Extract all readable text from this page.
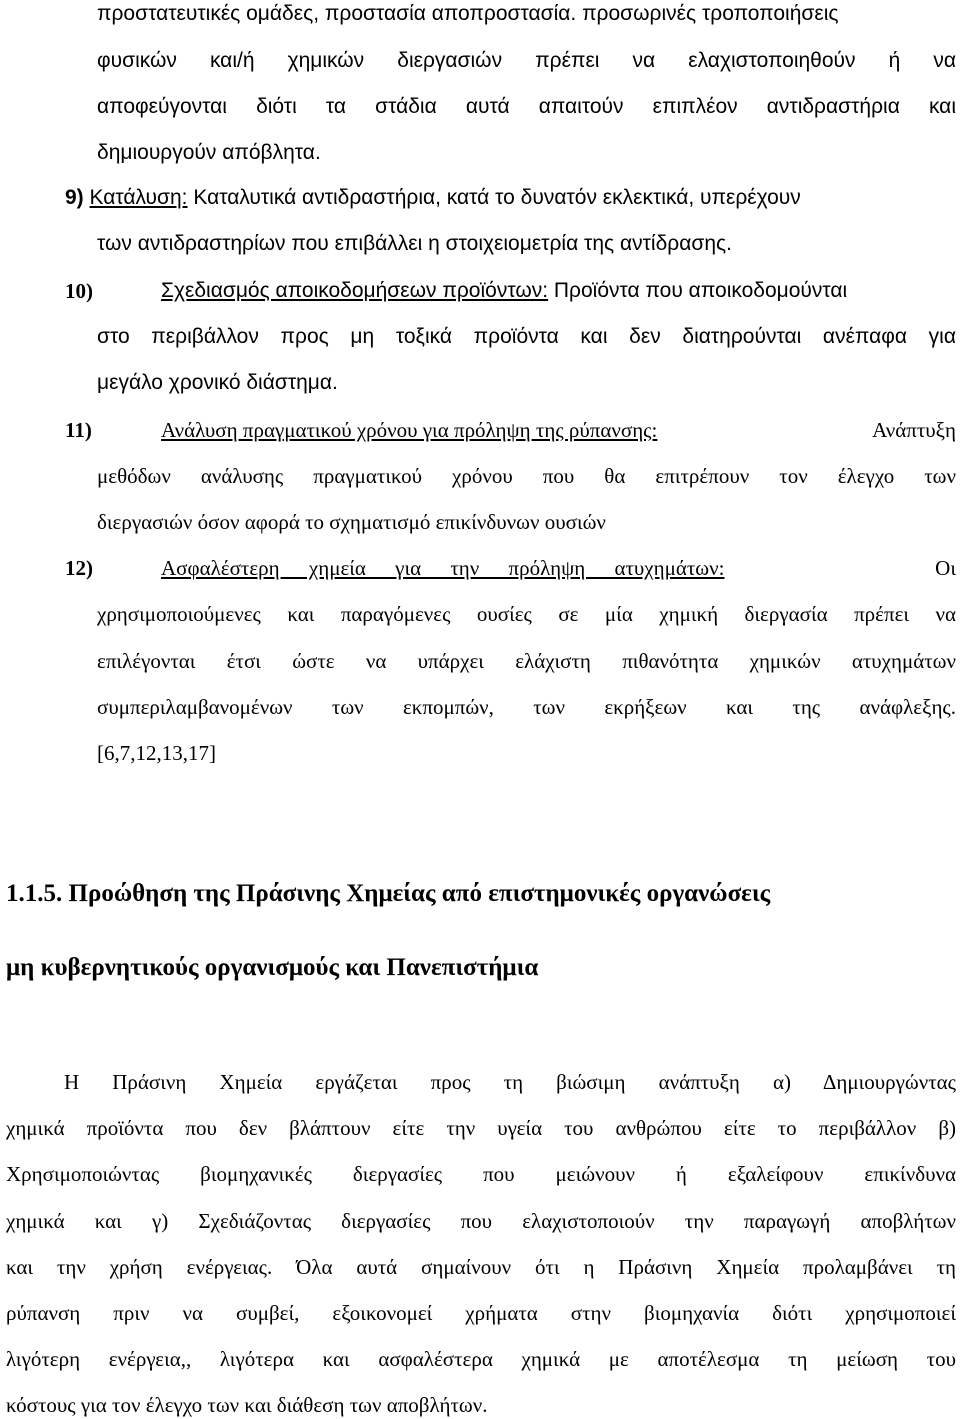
προστατευτικές ομάδες, προστασία αποπροστασία. προσωρινές τροποποιήσεις

φυσικών και/ή χημικών διεργασιών πρέπει να ελαχιστοποιηθούν ή να

αποφεύγονται διότι τα στάδια αυτά απαιτούν επιπλέον αντιδραστήρια και

δημιουργούν απόβλητα.

9) Κατάλυση: Καταλυτικά αντιδραστήρια, κατά το δυνατόν εκλεκτικά, υπερέχουν

των αντιδραστηρίων που επιβάλλει η στοιχειομετρία της αντίδρασης.

10)	Σχεδιασμός αποικοδομήσεων προϊόντων: Προϊόντα που αποικοδομούνται

στο περιβάλλον προς μη τοξικά προϊόντα και δεν διατηρούνται ανέπαφα για

μεγάλο χρονικό διάστημα.

11)	Ανάλυση πραγματικού χρόνου για πρόληψη της ρύπανσης:	Ανάπτυξη

μεθόδων ανάλυσης πραγματικού χρόνου που θα επιτρέπουν τον έλεγχο των

διεργασιών όσον αφορά το σχηματισμό επικίνδυνων ουσιών

12)	Ασφαλέστερη χημεία για την πρόληψη ατυχημάτων:	Οι

χρησιμοποιούμενες και παραγόμενες ουσίες σε μία χημική διεργασία πρέπει να

επιλέγονται έτσι ώστε να υπάρχει ελάχιστη πιθανότητα χημικών ατυχημάτων

συμπεριλαμβανομένων των εκπομπών, των εκρήξεων και της ανάφλεξης.

[6,7,12,13,17]

1.1.5. Προώθηση της Πράσινης Χημείας από επιστημονικές οργανώσεις
μη κυβερνητικούς οργανισμούς και Πανεπιστήμια

Η Πράσινη Χημεία εργάζεται προς τη βιώσιμη ανάπτυξη α) Δημιουργώντας

χημικά προϊόντα που δεν βλάπτουν είτε την υγεία του ανθρώπου είτε το περιβάλλον β)

Χρησιμοποιώντας βιομηχανικές διεργασίες που μειώνουν ή εξαλείφουν επικίνδυνα

χημικά και γ) Σχεδιάζοντας διεργασίες που ελαχιστοποιούν την παραγωγή αποβλήτων

και την χρήση ενέργειας. Όλα αυτά σημαίνουν ότι η Πράσινη Χημεία προλαμβάνει τη

ρύπανση πριν να συμβεί, εξοικονομεί χρήματα στην βιομηχανία διότι χρησιμοποιεί

λιγότερη ενέργεια,, λιγότερα και ασφαλέστερα χημικά με αποτέλεσμα τη μείωση του

κόστους για τον έλεγχο των και διάθεση των αποβλήτων.
